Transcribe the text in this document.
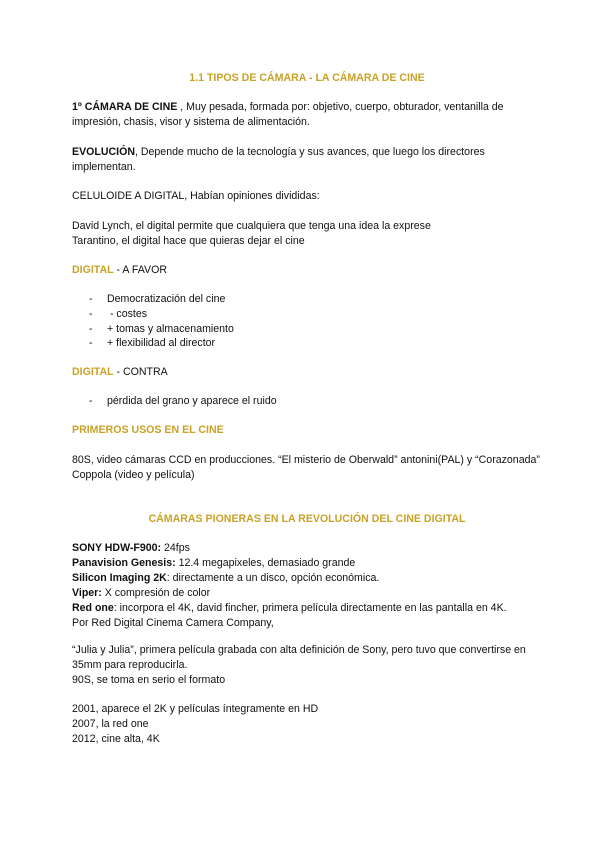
1.1 TIPOS DE CÁMARA - LA CÁMARA DE CINE

1º CÁMARA DE CINE , Muy pesada, formada por: objetivo, cuerpo, obturador, ventanilla de impresión, chasis, visor y sistema de alimentación.

EVOLUCIÓN, Depende mucho de la tecnología y sus avances, que luego los directores implementan.

CELULOIDE A DIGITAL, Habían opiniones divididas:

David Lynch, el digital permite que cualquiera que tenga una idea la exprese

Tarantino, el digital hace que quieras dejar el cine

DIGITAL - A FAVOR

- Democratización del cine
-  - costes
- + tomas y almacenamiento
- + flexibilidad al director

DIGITAL - CONTRA

- pérdida del grano y aparece el ruido

PRIMEROS USOS EN EL CINE

80S, video cámaras CCD en producciones. “El misterio de Oberwald” antonini(PAL) y “Corazonada” Coppola (video y película)

CÁMARAS PIONERAS EN LA REVOLUCIÓN DEL CINE DIGITAL

SONY HDW-F900: 24fps

Panavision Genesis: 12.4 megapixeles, demasiado grande

Silicon Imaging 2K: directamente a un disco, opción económica.

Viper: X compresión de color

Red one: incorpora el 4K, david fincher, primera película directamente en las pantalla en 4K.

Por Red Digital Cinema Camera Company,

“Julia y Julia”, primera película grabada con alta definición de Sony, pero tuvo que convertirse en 35mm para reproducirla.

90S, se toma en serio el formato

2001, aparece el 2K y películas íntegramente en HD

2007, la red one

2012, cine alta, 4K
